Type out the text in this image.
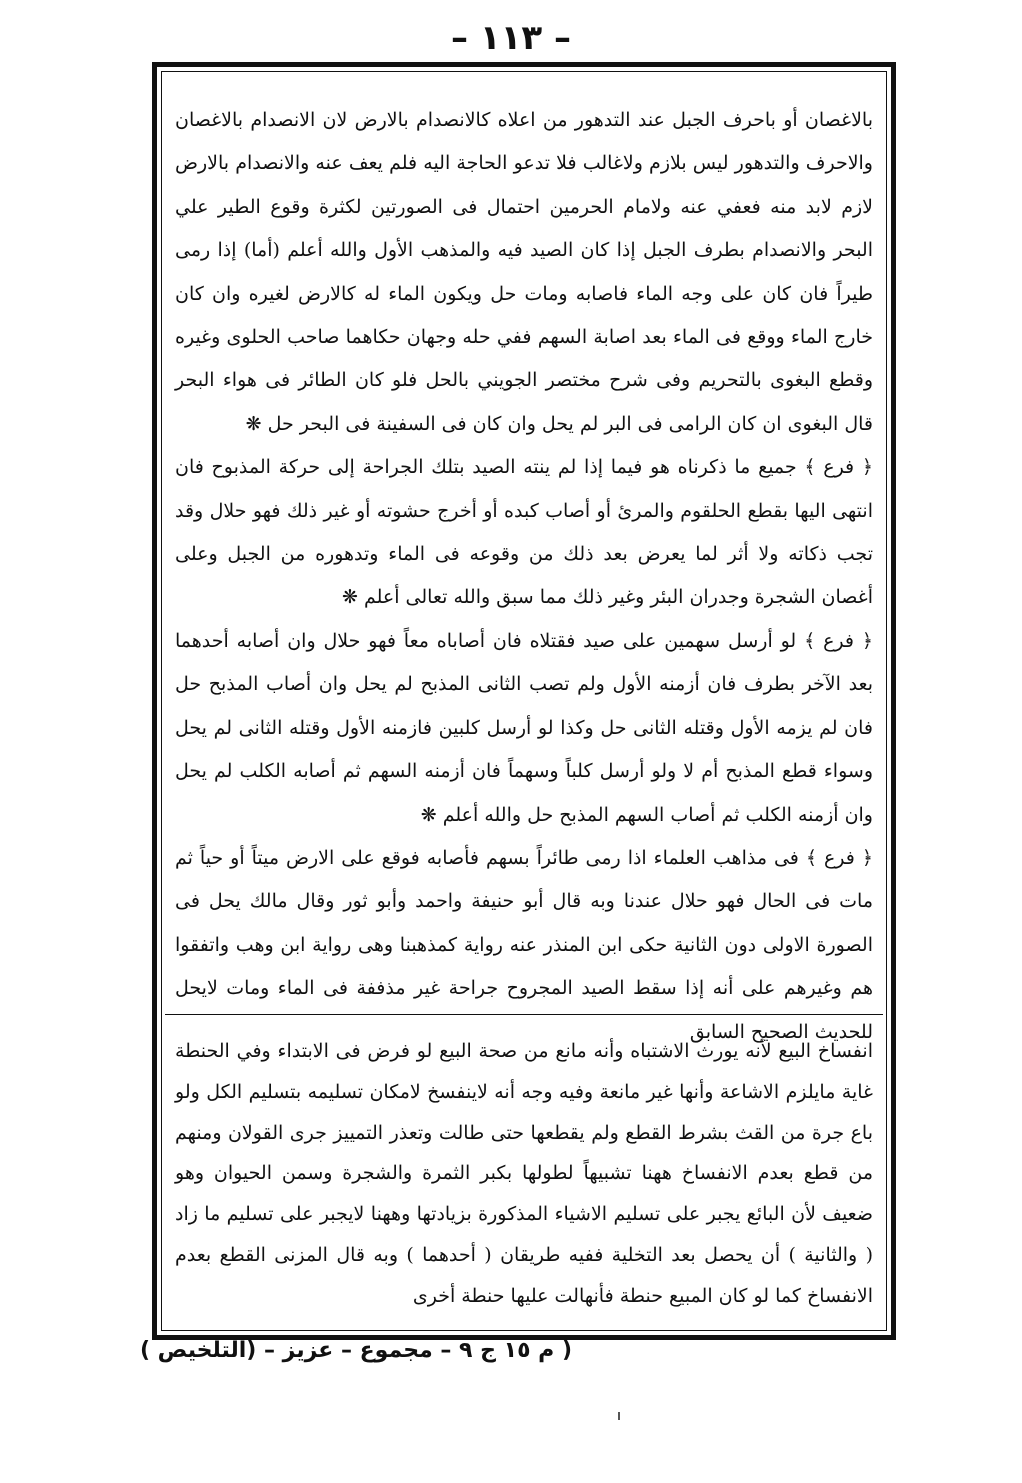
– ١١٣ –

بالاغصان أو باحرف الجبل عند التدهور من اعلاه كالانصدام بالارض لان الانصدام بالاغصان والاحرف والتدهور ليس بلازم ولاغالب فلا تدعو الحاجة اليه فلم يعف عنه والانصدام بالارض لازم لابد منه فعفي عنه ولامام الحرمين احتمال فى الصورتين لكثرة وقوع الطير علي البحر والانصدام بطرف الجبل إذا كان الصيد فيه والمذهب الأول والله أعلم (أما) إذا رمى طيراً فان كان على وجه الماء فاصابه ومات حل ويكون الماء له كالارض لغيره وان كان خارج الماء ووقع فى الماء بعد اصابة السهم ففي حله وجهان حكاهما صاحب الحلوى وغيره وقطع البغوى بالتحريم وفى شرح مختصر الجويني بالحل فلو كان الطائر فى هواء البحر قال البغوى ان كان الرامى فى البر لم يحل وان كان فى السفينة فى البحر حل ❋

﴿ فرع ﴾ جميع ما ذكرناه هو فيما إذا لم ينته الصيد بتلك الجراحة إلى حركة المذبوح فان انتهى اليها بقطع الحلقوم والمرئ أو أصاب كبده أو أخرج حشوته أو غير ذلك فهو حلال وقد تجب ذكاته ولا أثر لما يعرض بعد ذلك من وقوعه فى الماء وتدهوره من الجبل وعلى أغصان الشجرة وجدران البئر وغير ذلك مما سبق والله تعالى أعلم ❋

﴿ فرع ﴾ لو أرسل سهمين على صيد فقتلاه فان أصاباه معاً فهو حلال وان أصابه أحدهما بعد الآخر بطرف فان أزمنه الأول ولم تصب الثانى المذبح لم يحل وان أصاب المذبح حل فان لم يزمه الأول وقتله الثانى حل وكذا لو أرسل كلبين فازمنه الأول وقتله الثانى لم يحل وسواء قطع المذبح أم لا ولو أرسل كلباً وسهماً فان أزمنه السهم ثم أصابه الكلب لم يحل وان أزمنه الكلب ثم أصاب السهم المذبح حل والله أعلم ❋

﴿ فرع ﴾ فى مذاهب العلماء اذا رمى طائراً بسهم فأصابه فوقع على الارض ميتاً أو حياً ثم مات فى الحال فهو حلال عندنا وبه قال أبو حنيفة واحمد وأبو ثور وقال مالك يحل فى الصورة الاولى دون الثانية حكى ابن المنذر عنه رواية كمذهبنا وهى رواية ابن وهب واتفقوا هم وغيرهم على أنه إذا سقط الصيد المجروح جراحة غير مذففة فى الماء ومات لايحل للحديث الصحيح السابق

انفساخ البيع لأنه يورث الاشتباه وأنه مانع من صحة البيع لو فرض فى الابتداء وفي الحنطة غاية مايلزم الاشاعة وأنها غير مانعة وفيه وجه أنه لاينفسخ لامكان تسليمه بتسليم الكل ولو باع جرة من القث بشرط القطع ولم يقطعها حتى طالت وتعذر التمييز جرى القولان ومنهم من قطع بعدم الانفساخ ههنا تشبيهاً لطولها بكبر الثمرة والشجرة وسمن الحيوان وهو ضعيف لأن البائع يجبر على تسليم الاشياء المذكورة بزيادتها وههنا لايجبر على تسليم ما زاد ( والثانية ) أن يحصل بعد التخلية ففيه طريقان ( أحدهما ) وبه قال المزنى القطع بعدم الانفساخ كما لو كان المبيع حنطة فأنهالت عليها حنطة أخرى

( م ١٥ ج ٩ – مجموع – عزيز – (التلخيص )
